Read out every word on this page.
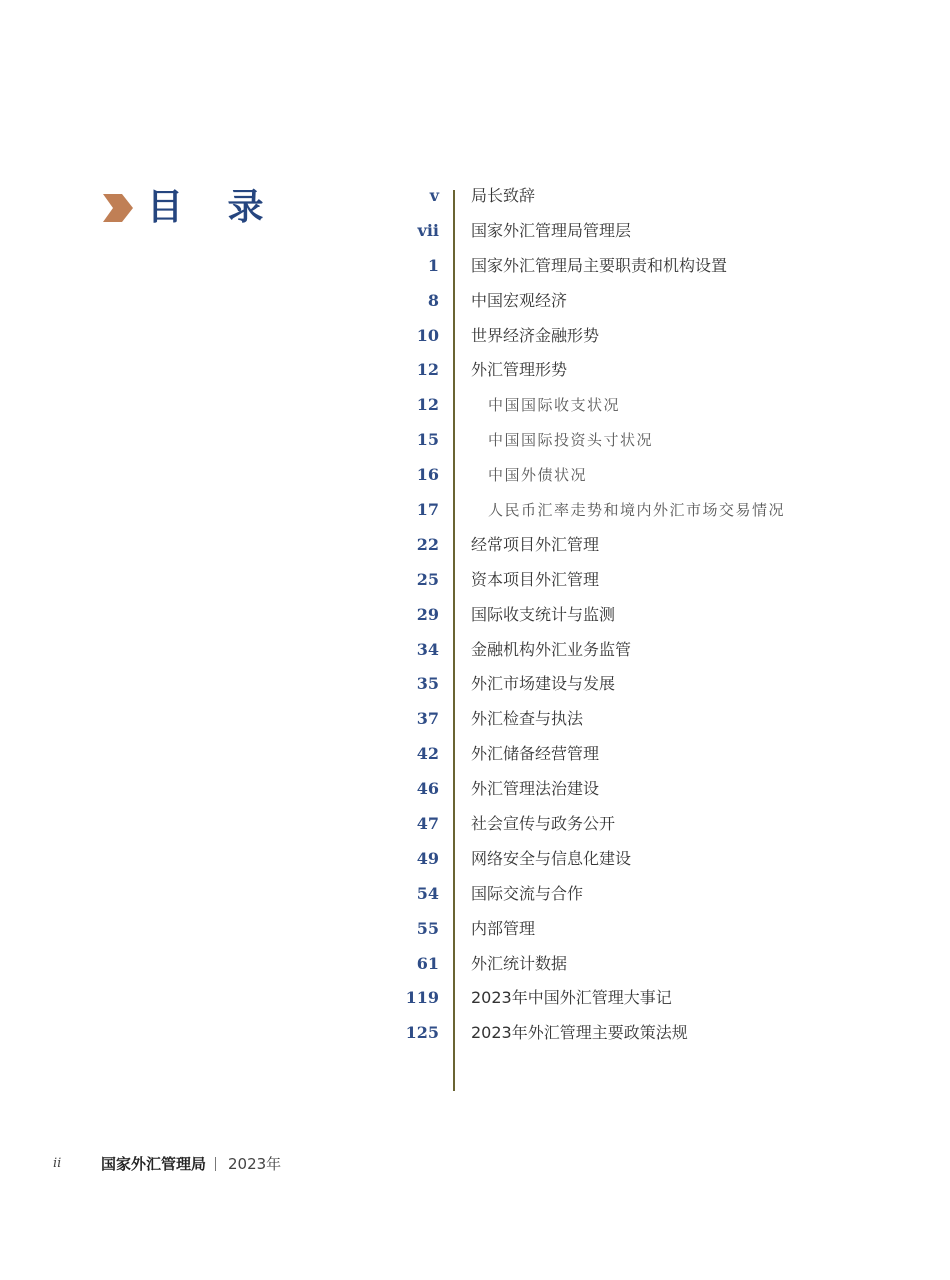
目 录	v 局长致辞
vii 国家外汇管理局管理层
1 国家外汇管理局主要职责和机构设置
8 中国宏观经济
10 世界经济金融形势
12 外汇管理形势
12	中国国际收支状况
15	中国国际投资头寸状况
16	中国外债状况
17	人民币汇率走势和境内外汇市场交易情况
22 经常项目外汇管理
25 资本项目外汇管理
29 国际收支统计与监测
34 金融机构外汇业务监管
35 外汇市场建设与发展
37 外汇检查与执法
42 外汇储备经营管理
46 外汇管理法治建设
47 社会宣传与政务公开
49 网络安全与信息化建设
54 国际交流与合作
55 内部管理
61 外汇统计数据
119 2023年中国外汇管理大事记
125 2023年外汇管理主要政策法规
ii	国家外汇管理局 2023年
